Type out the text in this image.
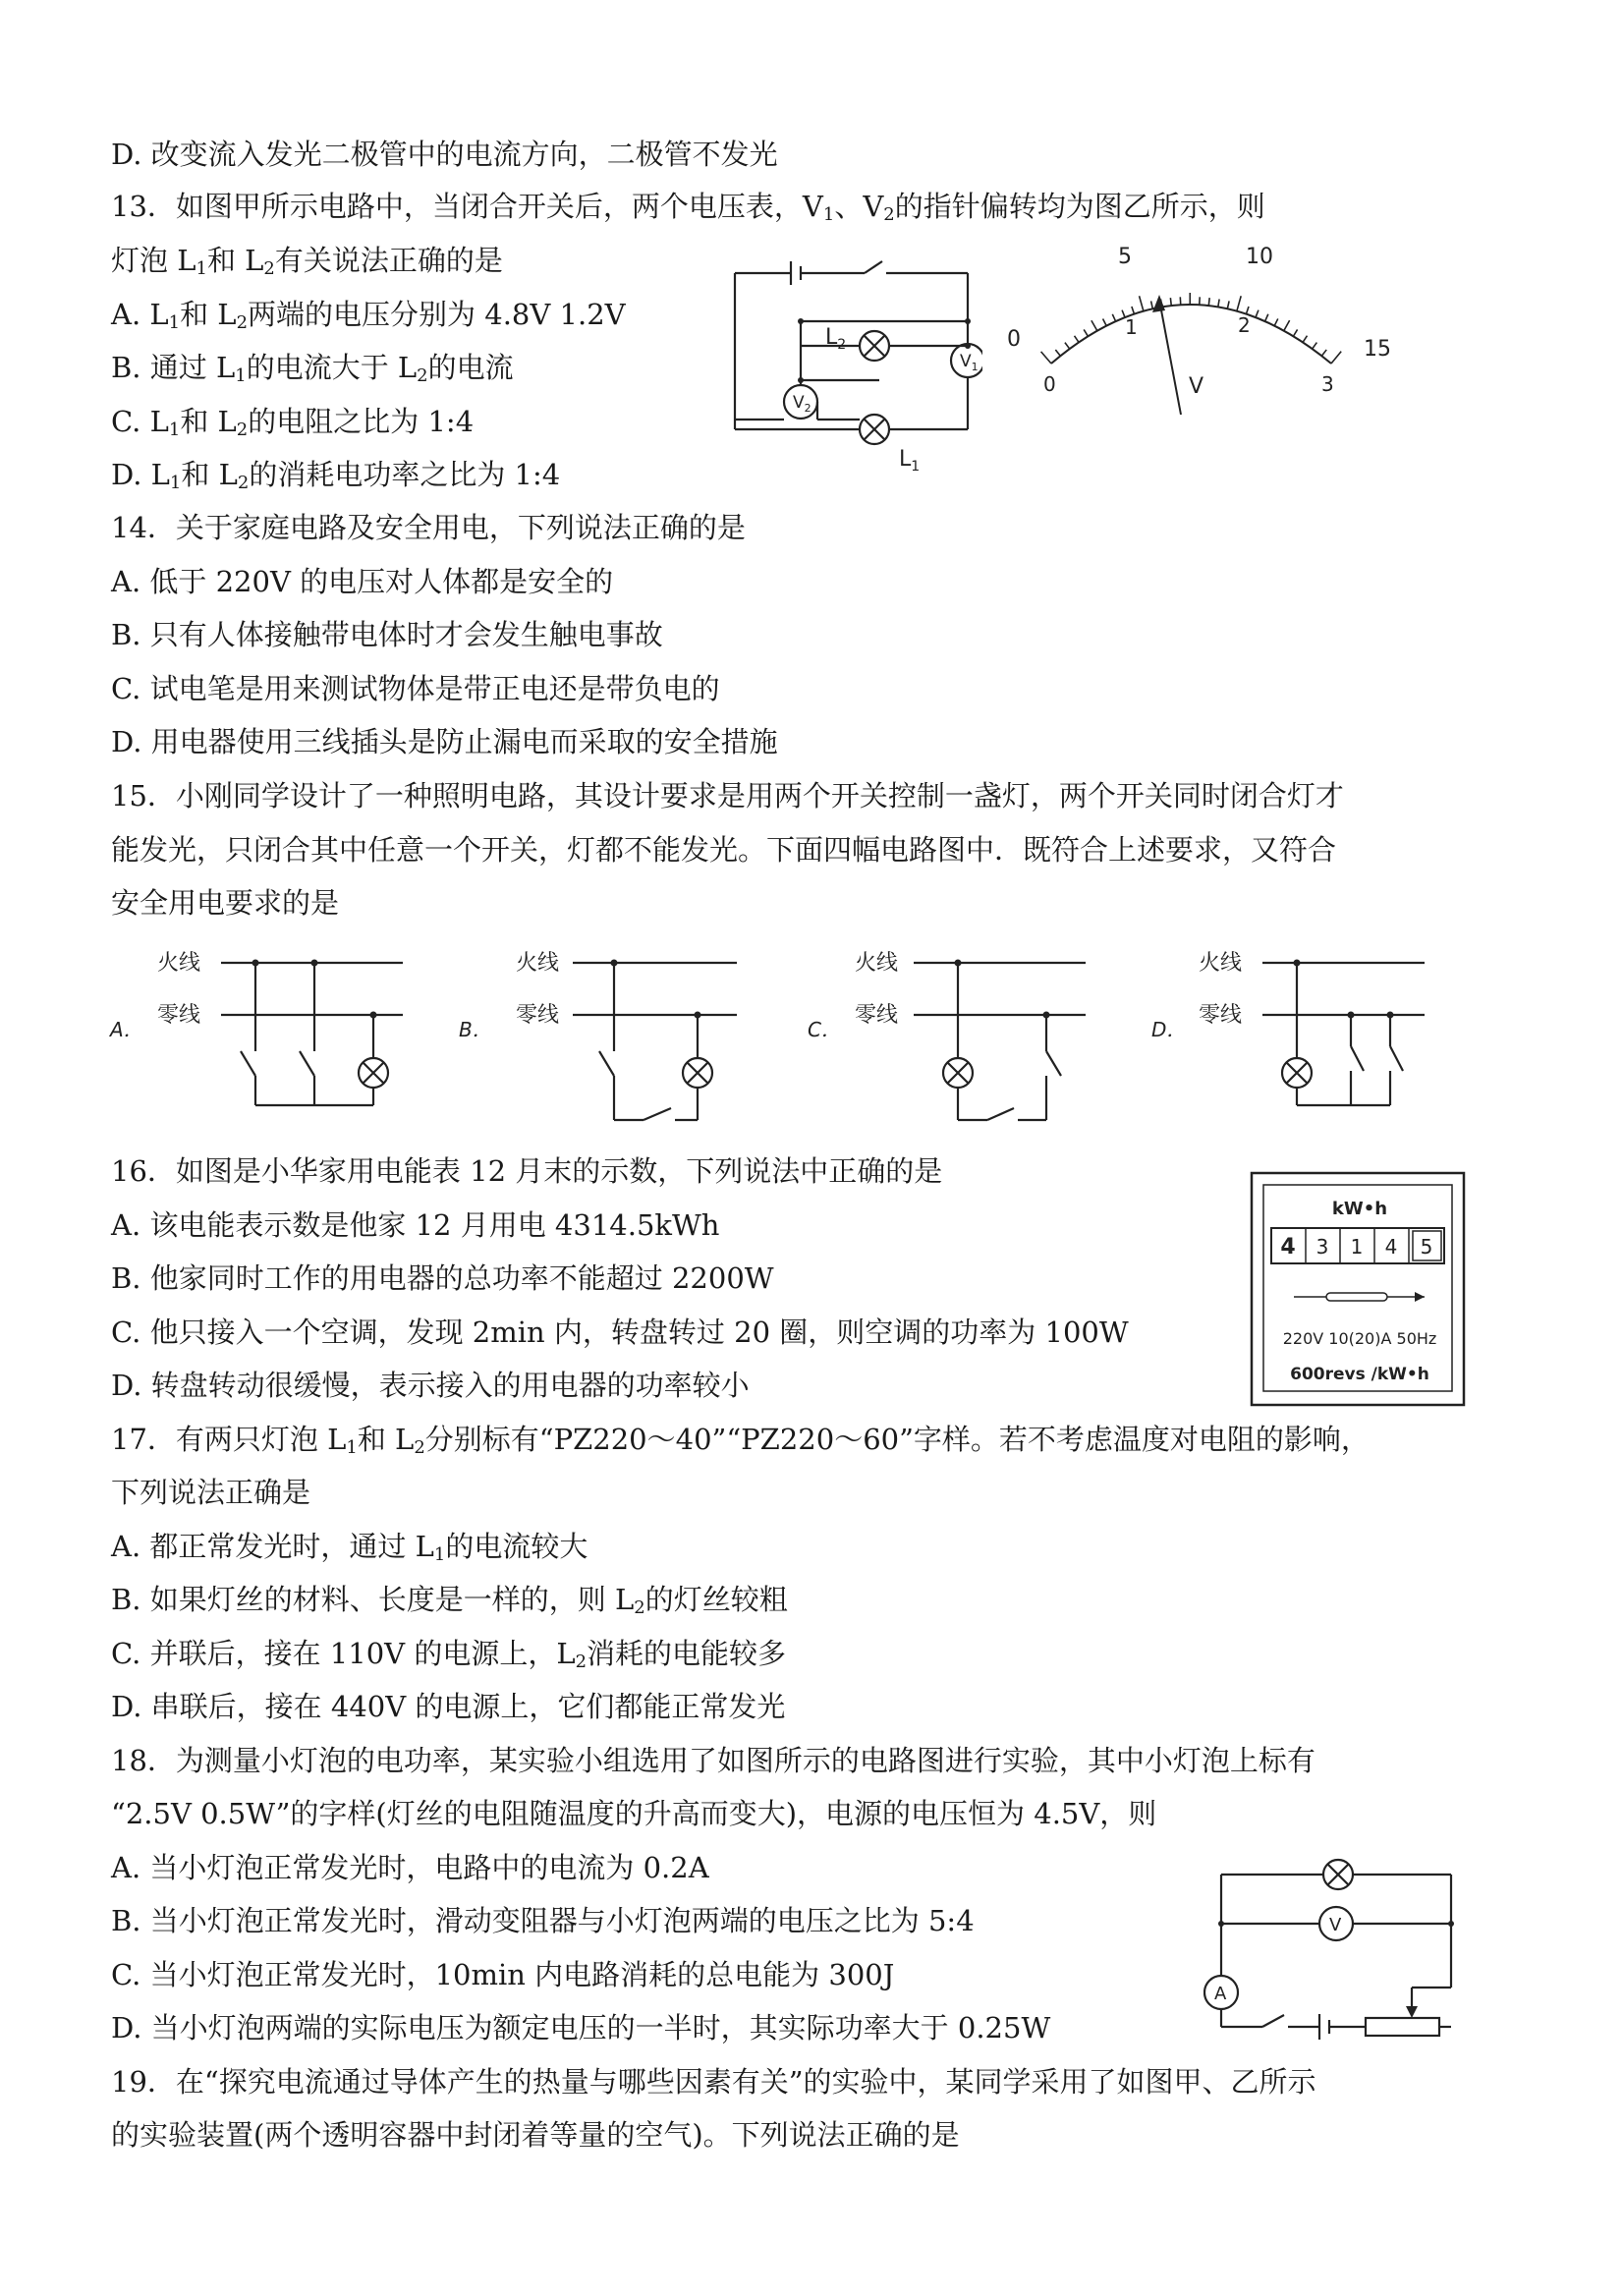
D. 改变流入发光二极管中的电流方向，二极管不发光
13．如图甲所示电路中，当闭合开关后，两个电压表，$V_1$、$V_2$的指针偏转均为图乙所示，则
灯泡 $L_1$和 $L_2$有关说法正确的是
A. $L_1$和 $L_2$两端的电压分别为 4.8V 1.2V
B. 通过 $L_1$的电流大于 $L_2$的电流
C. $L_1$和 $L_2$的电阻之比为 1:4
D. $L_1$和 $L_2$的消耗电功率之比为 1:4
$L_2$
$L_1$
$V_1$
$V_2$
0
5	10
15
0
1	2
3
V
14．关于家庭电路及安全用电，下列说法正确的是
A. 低于 220V 的电压对人体都是安全的
B. 只有人体接触带电体时才会发生触电事故
C. 试电笔是用来测试物体是带正电还是带负电的
D. 用电器使用三线插头是防止漏电而采取的安全措施
15．小刚同学设计了一种照明电路，其设计要求是用两个开关控制一盏灯，两个开关同时闭合灯才
能发光，只闭合其中任意一个开关，灯都不能发光。下面四幅电路图中．既符合上述要求，又符合
安全用电要求的是
火线
零线
A．
火线
零线
B．
火线
零线
C．
火线
零线
D．
16．如图是小华家用电能表 12 月末的示数，下列说法中正确的是
A. 该电能表示数是他家 12 月用电 4314.5kWh
B. 他家同时工作的用电器的总功率不能超过 2200W
C. 他只接入一个空调，发现 2min 内，转盘转过 20 圈，则空调的功率为 100W
D. 转盘转动很缓慢，表示接入的用电器的功率较小
kW•h
4 3 1 4 5
220V 10(20)A 50Hz
600revs /kW•h
17．有两只灯泡 $L_1$和 $L_2$分别标有“PZ220～40”“PZ220～60”字样。若不考虑温度对电阻的影响，
下列说法正确是
A. 都正常发光时，通过 $L_1$的电流较大
B. 如果灯丝的材料、长度是一样的，则 $L_2$的灯丝较粗
C. 并联后，接在 110V 的电源上，$L_2$消耗的电能较多
D. 串联后，接在 440V 的电源上，它们都能正常发光
18．为测量小灯泡的电功率，某实验小组选用了如图所示的电路图进行实验，其中小灯泡上标有
“2.5V 0.5W”的字样(灯丝的电阻随温度的升高而变大)，电源的电压恒为 4.5V，则
A. 当小灯泡正常发光时，电路中的电流为 0.2A
B. 当小灯泡正常发光时，滑动变阻器与小灯泡两端的电压之比为 5:4
C. 当小灯泡正常发光时，10min 内电路消耗的总电能为 300J
D. 当小灯泡两端的实际电压为额定电压的一半时，其实际功率大于 0.25W
V
A
19．在“探究电流通过导体产生的热量与哪些因素有关”的实验中，某同学采用了如图甲、乙所示
的实验装置(两个透明容器中封闭着等量的空气)。下列说法正确的是
